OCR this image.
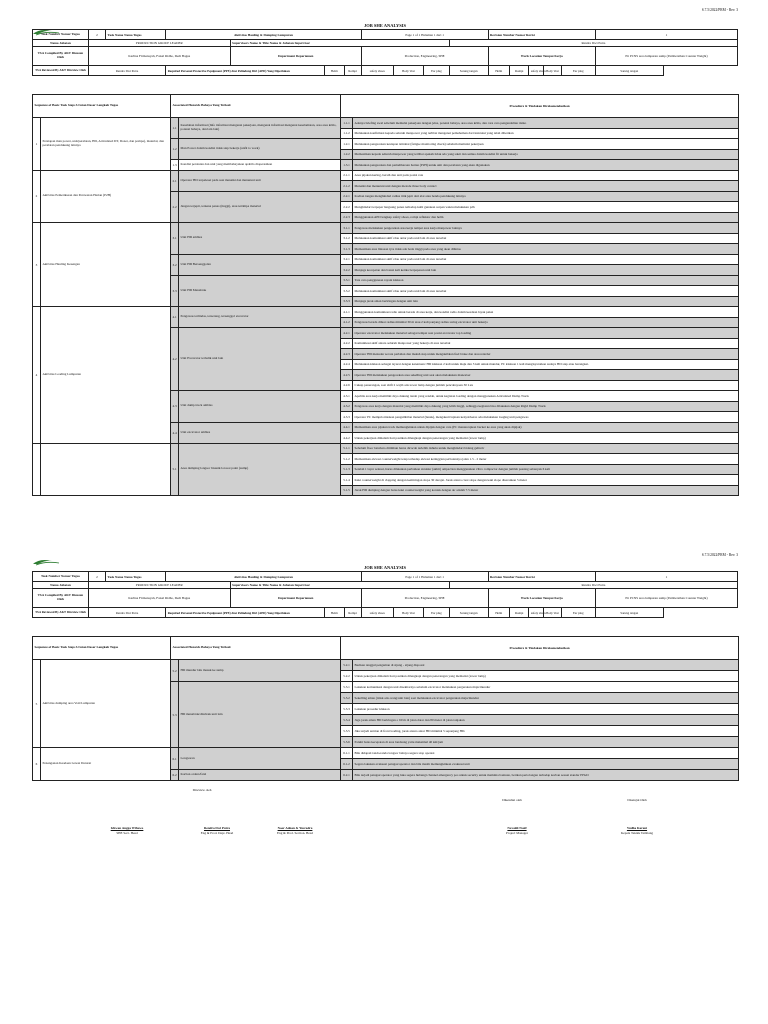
S.7.5/2022/PRM - Rev. 3
JOB SHE ANALYSIS
Task Number Nomor Tugas	2	Task Name Nama Tugas	Aktivitas Hauling & Dumping Lumpuran				Page 1 of 1 Halaman 1 dari 1				Revision Number Nomor Revisi					1
Nama Jabatan	PRODUCTION GROUP LEADER			Supervisors Name & Title Nama & Jabatan Supervisor						Rendra Dwi Putra						
TSA Compiled By AKT Disusun Oleh	Karlina Firmansyah, Faisal Ridho, Dedi Bagus			Department Departemen			Production, Engineering, SHE				Work Location Tempat Kerja					Pit PCNS area lumpuran sump (Pembersihan Counter Weight)
TSA Reviewed By AKT Direview Oleh	Rendra Dwi Putra		Required Personal Protective Equipment (PPE) Alat Pelindung Diri (APD) Yang Diperlukan		Helm	Rompi	safety shoes	Body Vest	Ear plug	Sarung tangan	Helm	Rompi	safety shoes	Body Vest	Ear plug	Sarung tangan
Sequence of Basic Task Steps Urutan Dasar Langkah Tugas		Associated Hazards Bahaya Yang Terkait		Procedure & Tindakan Direkomendasikan	
1	Persiapan man power, unit/peralatan, HD, Articulated DT, Dozer, dan pompa), material, dan peralatan pendukung lainnya	1.1	Kesalahan informasi (Info informasi mengenai pekerjaan, mengenai informasi mengenai keselamatan, area area kritis, potensi bahaya, dan lain lain)	1.1.1	Adanya briefing awal sebelum memulai pekerjaan dengan jelas, potensi bahaya, area area kritis, dan cara cara pengendalian risiko
				1.1.2	Melakukan konfirmasi kepada seluruh manpower yang terlibat mengenai pemahaman dari instruksi yang telah diberikan
		1.2	Man Power dalam kondisi tidak siap bekerja (unfit to work)	1.2.1	Melakukan pengecekan kesiapan istirahat (fatigue monitoring check) sebelum memulai pekerjaan
				1.2.2	Memastikan kepada seluruh manpower yang terlibat apakah tidak ada yang sakit dan semua dalam kondisi fit untuk bekerja
		1.3	Kondisi peralatan dan unit yang membahayakan apabila dioperasikan	1.3.1	Melakukan pengecekan dan pemeliharaan harian (P2H) untuk unit dan peralatan yang akan digunakan
2	Aktivitas Pemeriksaan dan Perawatan Harian (P2H)	2.1	Operator HD terpeleset pada saat menaiki dan menuruni unit	2.1.1	Area pijakan kering, bersih dan anti pada posisi rata
				2.1.2	Menaiki dan menuruni unit dengan metode three body contact
		2.2	Jangan terjepit, terkena panas (tinggi), atau tertimpa material	2.2.1	Kodian tangan menghindari radius titik jepit dari alat atau benda pendukung lainnya
				2.2.2	Menghindari terpapar langsung panas terhadap kulit gunakan sarpan waktu melakukan p2h
				2.2.3	Menggunakan APD lengkap safety shoes, rompi reflektor dan helm
3	Aktivitas Hauling Kesengan	3.1	Unit HD ambles	3.1.1	Pengawas melakukan pengecekan area kerja tempat area kerja manpower lainnya
				3.1.2	Melakukan komunikasi aktif rdau antar pada unit lain di area tersebut
				3.1.3	Memastikan area lintasan tyre tidak ada beda tinggi pada area yang akan dilintas
		3.2	Unit HD Bersenggolan	3.2.1	Melakukan komunikasi aktif rdau antar pada unit lain di area tersebut
				3.2.2	Menjaga kecepatan dan batasi kali ketika berpapasan unit lain
		3.3	Unit HD Menabrak	3.3.1	Tata cara penggunaan rayant klakson
				3.3.2	Melakukan komunikasi aktif rdau antar pada unit lain di area tersebut
				3.3.3	Menjaga jarak aman beriringan dengan unit lain
4	Aktivitas Loading Lumpuran	4.1	Pengawas terlindas, terserang, tersenggol excavator	4.1.1	Menggunakan komunikasi radio untuk berada di area kerja, dan kondisi radio dalam keadaan layak pakai
				4.1.2	Pengawas berada diluar radius minimal 30 m atau 2 kali panjang radius swing excavator unit bekerja
		4.2	Unit Excavator terbalik unit lain	4.2.1	Operator excavator melakukan material sebagai tempat saat posisi excavator top loading
				4.2.2	Komunikasi aktif antara seluruh manpower yang bekerja di area tersebut
				4.2.3	Operator HD menuder secara perlahan dan maksh siap untuk mengakibkan fuel brake dan atau retarder
				4.2.4	Melakukan klakson sebagai isyarat dengan ketentuan: HD klakson 2 kali untuk maju dan 3 kali untuk mundur, PC klakson 1 kali mengisyaratkan sudaya HD siap atau berangkat.
				4.2.5	Operator HD melakukan pengecekan area sekelling unit saat akan melakukan maneuver
				4.2.6	Cukup penerangan, saat shift 2 wajib ada tower lamp dengan jumlah pencahayaan 30 Lux
		4.3	Unit dump truck ambles	4.3.1	Apabila area kerja memiliki daya dukung tanah yang rendah, untuk kegiatan loading dengan menggunakan Articulated Dump Truck
				4.3.2	Pengawas area kerja dengan material yang memiliki daya dukung yang lebih tinggi, sehingga kegiatan bisa dilakukan dengan Rigid Dump Truck
				4.3.3	Operator PC memprioritaskan pengambilan material (lunak), mengakuti lapisan kenyal/keras ada melakukan loaging unit pengawas
		4.4	Unit excavator ambles	4.4.1	Memastikan area pijakan track memungkinkan untuk dipijak dengan cara (PC menancapkan bucket ke area yang akan dipijak)
				4.4.2	Untuk pekerjaan dimalam hari pastikan dilengkapi dengan penerangan yang memadai (tower lamp)
		5.1	Area dumping longsor bisanik lorosot point (sump)	5.1.1	Sebelum floor batubara ditimbun harus dicacah terlebih dahulu untuk menghindari bidang gelincir
				5.1.2	Memastikan elevasi counterweight tetap terhadap elevasi ketinggian perbaiannya jalan 1.5 - 2 meter
				5.1.3	Setelah 1 layer selesai, harus dilakukan perbaikan struktur (akhir) ompaction menggunakan vibro compactor dengan jumlah passing sebanyak 6 kali
				5.1.4	Kaki counterweight di clapping dengan kemiringan slope 30 derajat. Jarak antara crest slope dengan kaki slope disarankan 5 meter
				5.1.5	Jarak HD dumping dengan batas kaki counterweight yang kontak dengan air adalah 7.5 meter
S.7.5/2022/PRM - Rev. 3
JOB SHE ANALYSIS
Task Number Nomor Tugas	2	Task Name Nama Tugas	Aktivitas Hauling & Dumping Lumpuran				Page 1 of 1 Halaman 1 dari 1				Revision Number Nomor Revisi					1
Nama Jabatan	PRODUCTION GROUP LEADER			Supervisors Name & Title Nama & Jabatan Supervisor						Rendra Dwi Putra						
TSA Compiled By AKT Disusun Oleh	Karlina Firmansyah, Faisal Ridho, Dedi Bagus			Department Departemen			Production, Engineering, SHE				Work Location Tempat Kerja					Pit PCNS area lumpuran sump (Pembersihan Counter Weight)
TSA Reviewed By AKT Direview Oleh	Rendra Dwi Putra		Required Personal Protective Equipment (PPE) Alat Pelindung Diri (APD) Yang Diperlukan		Helm	Rompi	safety shoes	Body Vest	Ear plug	Sarung tangan	Helm	Rompi	safety shoes	Body Vest	Ear plug	Sarung tangan
Sequence of Basic Task Steps Urutan Dasar Langkah Tugas		Associated Hazards Bahaya Yang Terkait		Procedure & Tindakan Direkomendasikan	
5	Aktivitas dumping area Void Lumpuran	5.2	HD mundur lalu masuk ke sump	5.2.1	Berikan tanggul pengaman di sijang - sijang disposal
				5.2.2	Untuk pekerjaan dimalam hari pastikan dilengkapi dengan penerangan yang memadai (tower lamp)
		5.3	HD menabrak/ditabrak unit lain	5.3.1	Lakukan komunikasi dengan unit disekitarnya sebelum excavator melakukan pergerakan maju/mundur
				5.3.2	Sekelling aman (tidak ada orang/unit lain) saat melakukan excavator pergerakan maju/mundur
				5.3.3	Lakukan prosedur klakson
				5.3.4	Jaga jarak aman HD beriringan ≥ 60 m di jalan datar dan 80 meter di jalan tanjakan
				5.3.5	Jika terjadi antrian di front loading, jarak antara antar HD minimal 5 sepanjang HD.
				5.3.6	Patuhi batas kecepatan di area landsung yaitu maksimal 40 km/jam
6	Penanganan Keadaan Gawat Darurat	6.1	Longsoran	6.1.1	Bila didapati tanda-tanda longsor bahaya segera stop operasi
				6.1.2	Segera lakukan evakuasi petugas/operator dan bila masih memungkinkan evakuasi unit
		6.2	Korban orders/fatal	6.2.1	Bila terjadi petugas/operator yang luka segera hubungi channel emergency pos untuk security untuk meminta bantuan, berikan pertolongan terhadap korban sesuai standar PPGD
Direview oleh
Diketahui oleh	Disetujui Oleh
Ichwan Angga Wibowo
SHE Sect. Head
Rendra Dwi Putra
Eng & Prod. Dept. Head
Noor Adnan & Yusradra
Eng & Prod. Section. Head
Novaldi Nsalf
Project Manager
Yudha Karani
Kepala Teknik Tambang
